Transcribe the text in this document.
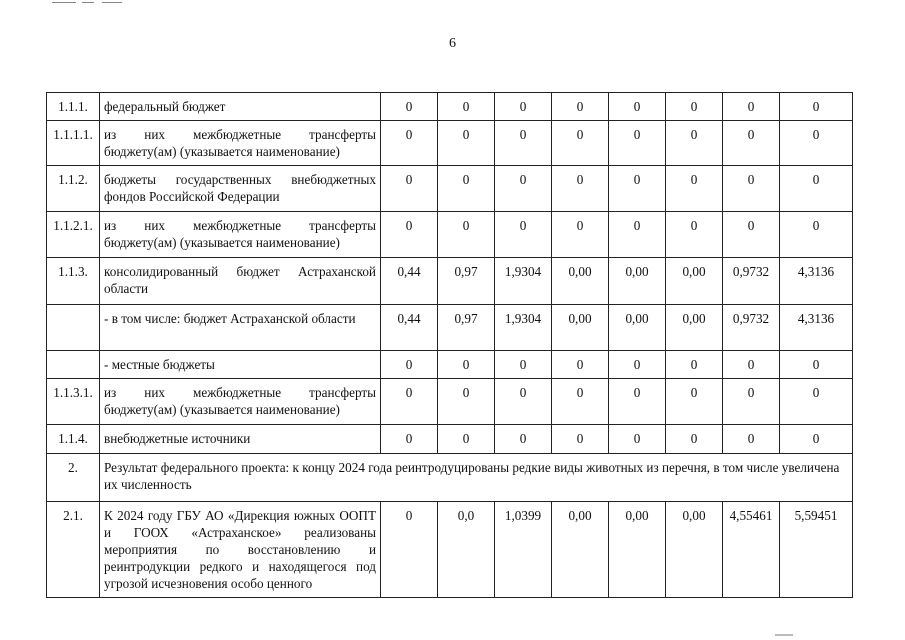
6
1.1.1.	федеральный бюджет	0	0	0	0	0	0	0	0
1.1.1.1.	из них межбюджетные трансферты бюджету(ам) (указывается наименование)	0	0	0	0	0	0	0	0
1.1.2.	бюджеты государственных внебюджетных фондов Российской Федерации	0	0	0	0	0	0	0	0
1.1.2.1.	из них межбюджетные трансферты бюджету(ам) (указывается наименование)	0	0	0	0	0	0	0	0
1.1.3.	консолидированный бюджет Астраханской области	0,44	0,97	1,9304	0,00	0,00	0,00	0,9732	4,3136
	- в том числе: бюджет Астраханской области	0,44	0,97	1,9304	0,00	0,00	0,00	0,9732	4,3136
	- местные бюджеты	0	0	0	0	0	0	0	0
1.1.3.1.	из них межбюджетные трансферты бюджету(ам) (указывается наименование)	0	0	0	0	0	0	0	0
1.1.4.	внебюджетные источники	0	0	0	0	0	0	0	0
2.	Результат федерального проекта: к концу 2024 года реинтродуцированы редкие виды животных из перечня, в том числе увеличена их численность								
2.1.	К 2024 году ГБУ АО «Дирекция южных ООПТ и ГООХ «Астраханское» реализованы мероприятия по восстановлению и реинтродукции редкого и находящегося под угрозой исчезновения особо ценного	0	0,0	1,0399	0,00	0,00	0,00	4,55461	5,59451
